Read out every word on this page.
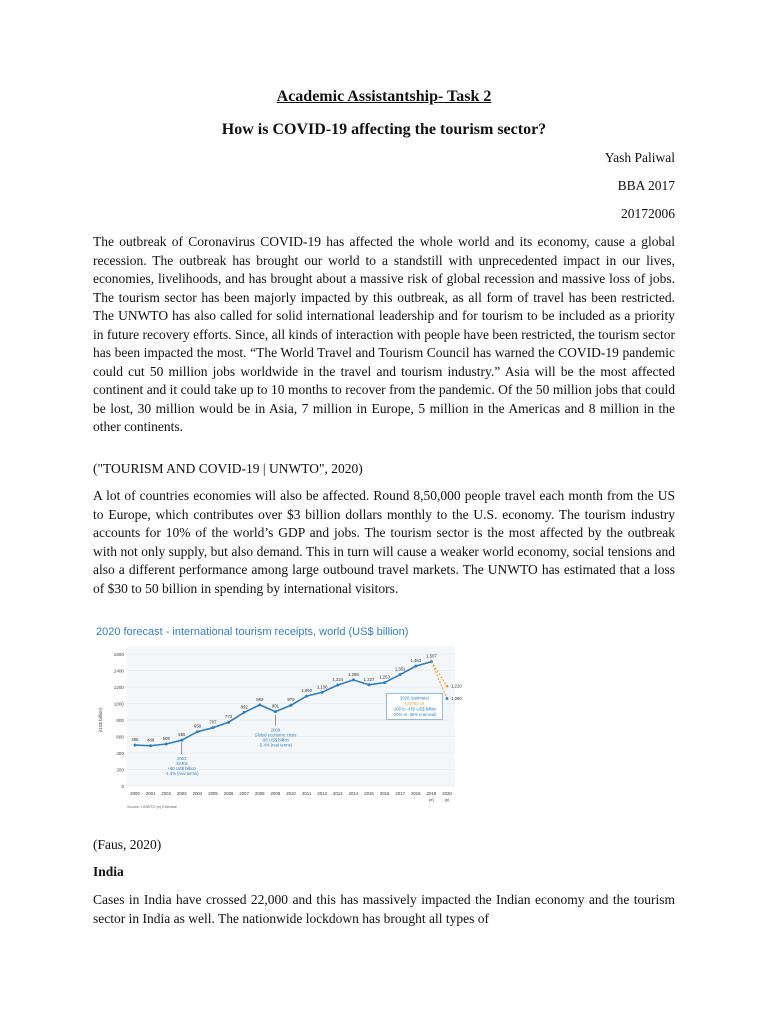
Academic Assistantship- Task 2
How is COVID-19 affecting the tourism sector?
Yash Paliwal
BBA 2017
20172006

The outbreak of Coronavirus COVID-19 has affected the whole world and its economy, cause a global recession. The outbreak has brought our world to a standstill with unprecedented impact in our lives, economies, livelihoods, and has brought about a massive risk of global recession and massive loss of jobs. The tourism sector has been majorly impacted by this outbreak, as all form of travel has been restricted. The UNWTO has also called for solid international leadership and for tourism to be included as a priority in future recovery efforts. Since, all kinds of interaction with people have been restricted, the tourism sector has been impacted the most. “The World Travel and Tourism Council has warned the COVID-19 pandemic could cut 50 million jobs worldwide in the travel and tourism industry.” Asia will be the most affected continent and it could take up to 10 months to recover from the pandemic. Of the 50 million jobs that could be lost, 30 million would be in Asia, 7 million in Europe, 5 million in the Americas and 8 million in the other continents.

("TOURISM AND COVID-19 | UNWTO", 2020)

A lot of countries economies will also be affected. Round 8,50,000 people travel each month from the US to Europe, which contributes over $3 billion dollars monthly to the U.S. economy. The tourism industry accounts for 10% of the world’s GDP and jobs. The tourism sector is the most affected by the outbreak with not only supply, but also demand. This in turn will cause a weaker world economy, social tensions and also a different performance among large outbound travel markets. The UNWTO has estimated that a loss of $30 to 50 billion in spending by international visitors.

2020 forecast - international tourism receipts, world (US$ billion)
0
200
400
600
800
1000
1200
1400
1600
(US$ billion)
2000 2001 2002 2003 2004 2005 2006 2007 2008 2009 2010 2011 2012 2013 2014 2015 2016 2017 2018 2019
(e)
2020
(p)
496 488 509
555
658
707
773
892
983
901
979
1,090
1,136
1,224
1,286
1,227 1,253
1,351
1,453
1,507
1,210
1,060
2003
SARS
+60 US$ billion
-1.4% (real terms)
2009
Global economic crisis
-90 US$ billion
-5.4% (real terms)
2020 (estimate)
COVID-19
-300 to -450 US$ billion
-20% to -30% (nominal)
Source: UNWTO (e) Estimate
(Faus, 2020)
India

Cases in India have crossed 22,000 and this has massively impacted the Indian economy and the tourism sector in India as well. The nationwide lockdown has brought all types of
